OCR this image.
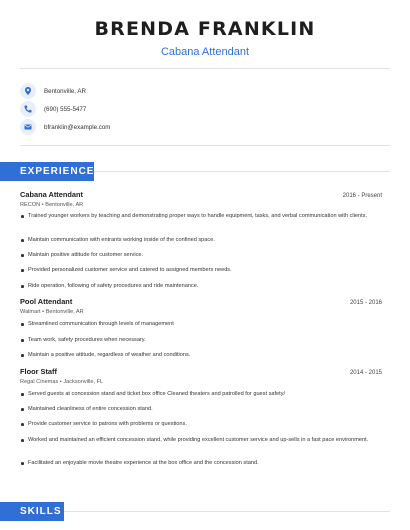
BRENDA FRANKLIN
Cabana Attendant
Bentonville, AR
(690) 555-5477
bfranklin@example.com
EXPERIENCE
Cabana Attendant	2016 - Present
RECON • Bentonville, AR
Trained younger workers by teaching and demonstrating proper ways to handle equipment, tasks, and verbal communication with clients.
Maintain communication with entrants working inside of the confined space.
Maintain positive attitude for customer service.
Provided personalized customer service and catered to assigned members needs.
Ride operation, following of safety procedures and ride maintenance.
Pool Attendant	2015 - 2016
Walmart • Bentonville, AR
Streamlined communication through levels of management
Team work, safety procedures when necessary.
Maintain a positive attitude, regardless of weather and conditions.
Floor Staff	2014 - 2015
Regal Cinemas • Jacksonville, FL
Served guests at concession stand and ticket box office Cleaned theaters and patrolled for guest safety/
Maintained cleanliness of entire concession stand.
Provide customer service to patrons with problems or questions.
Worked and maintained an efficient concession stand, while providing excellent customer service and up-sells in a fast pace environment.
Facilitated an enjoyable movie theatre experience at the box office and the concession stand.
SKILLS
